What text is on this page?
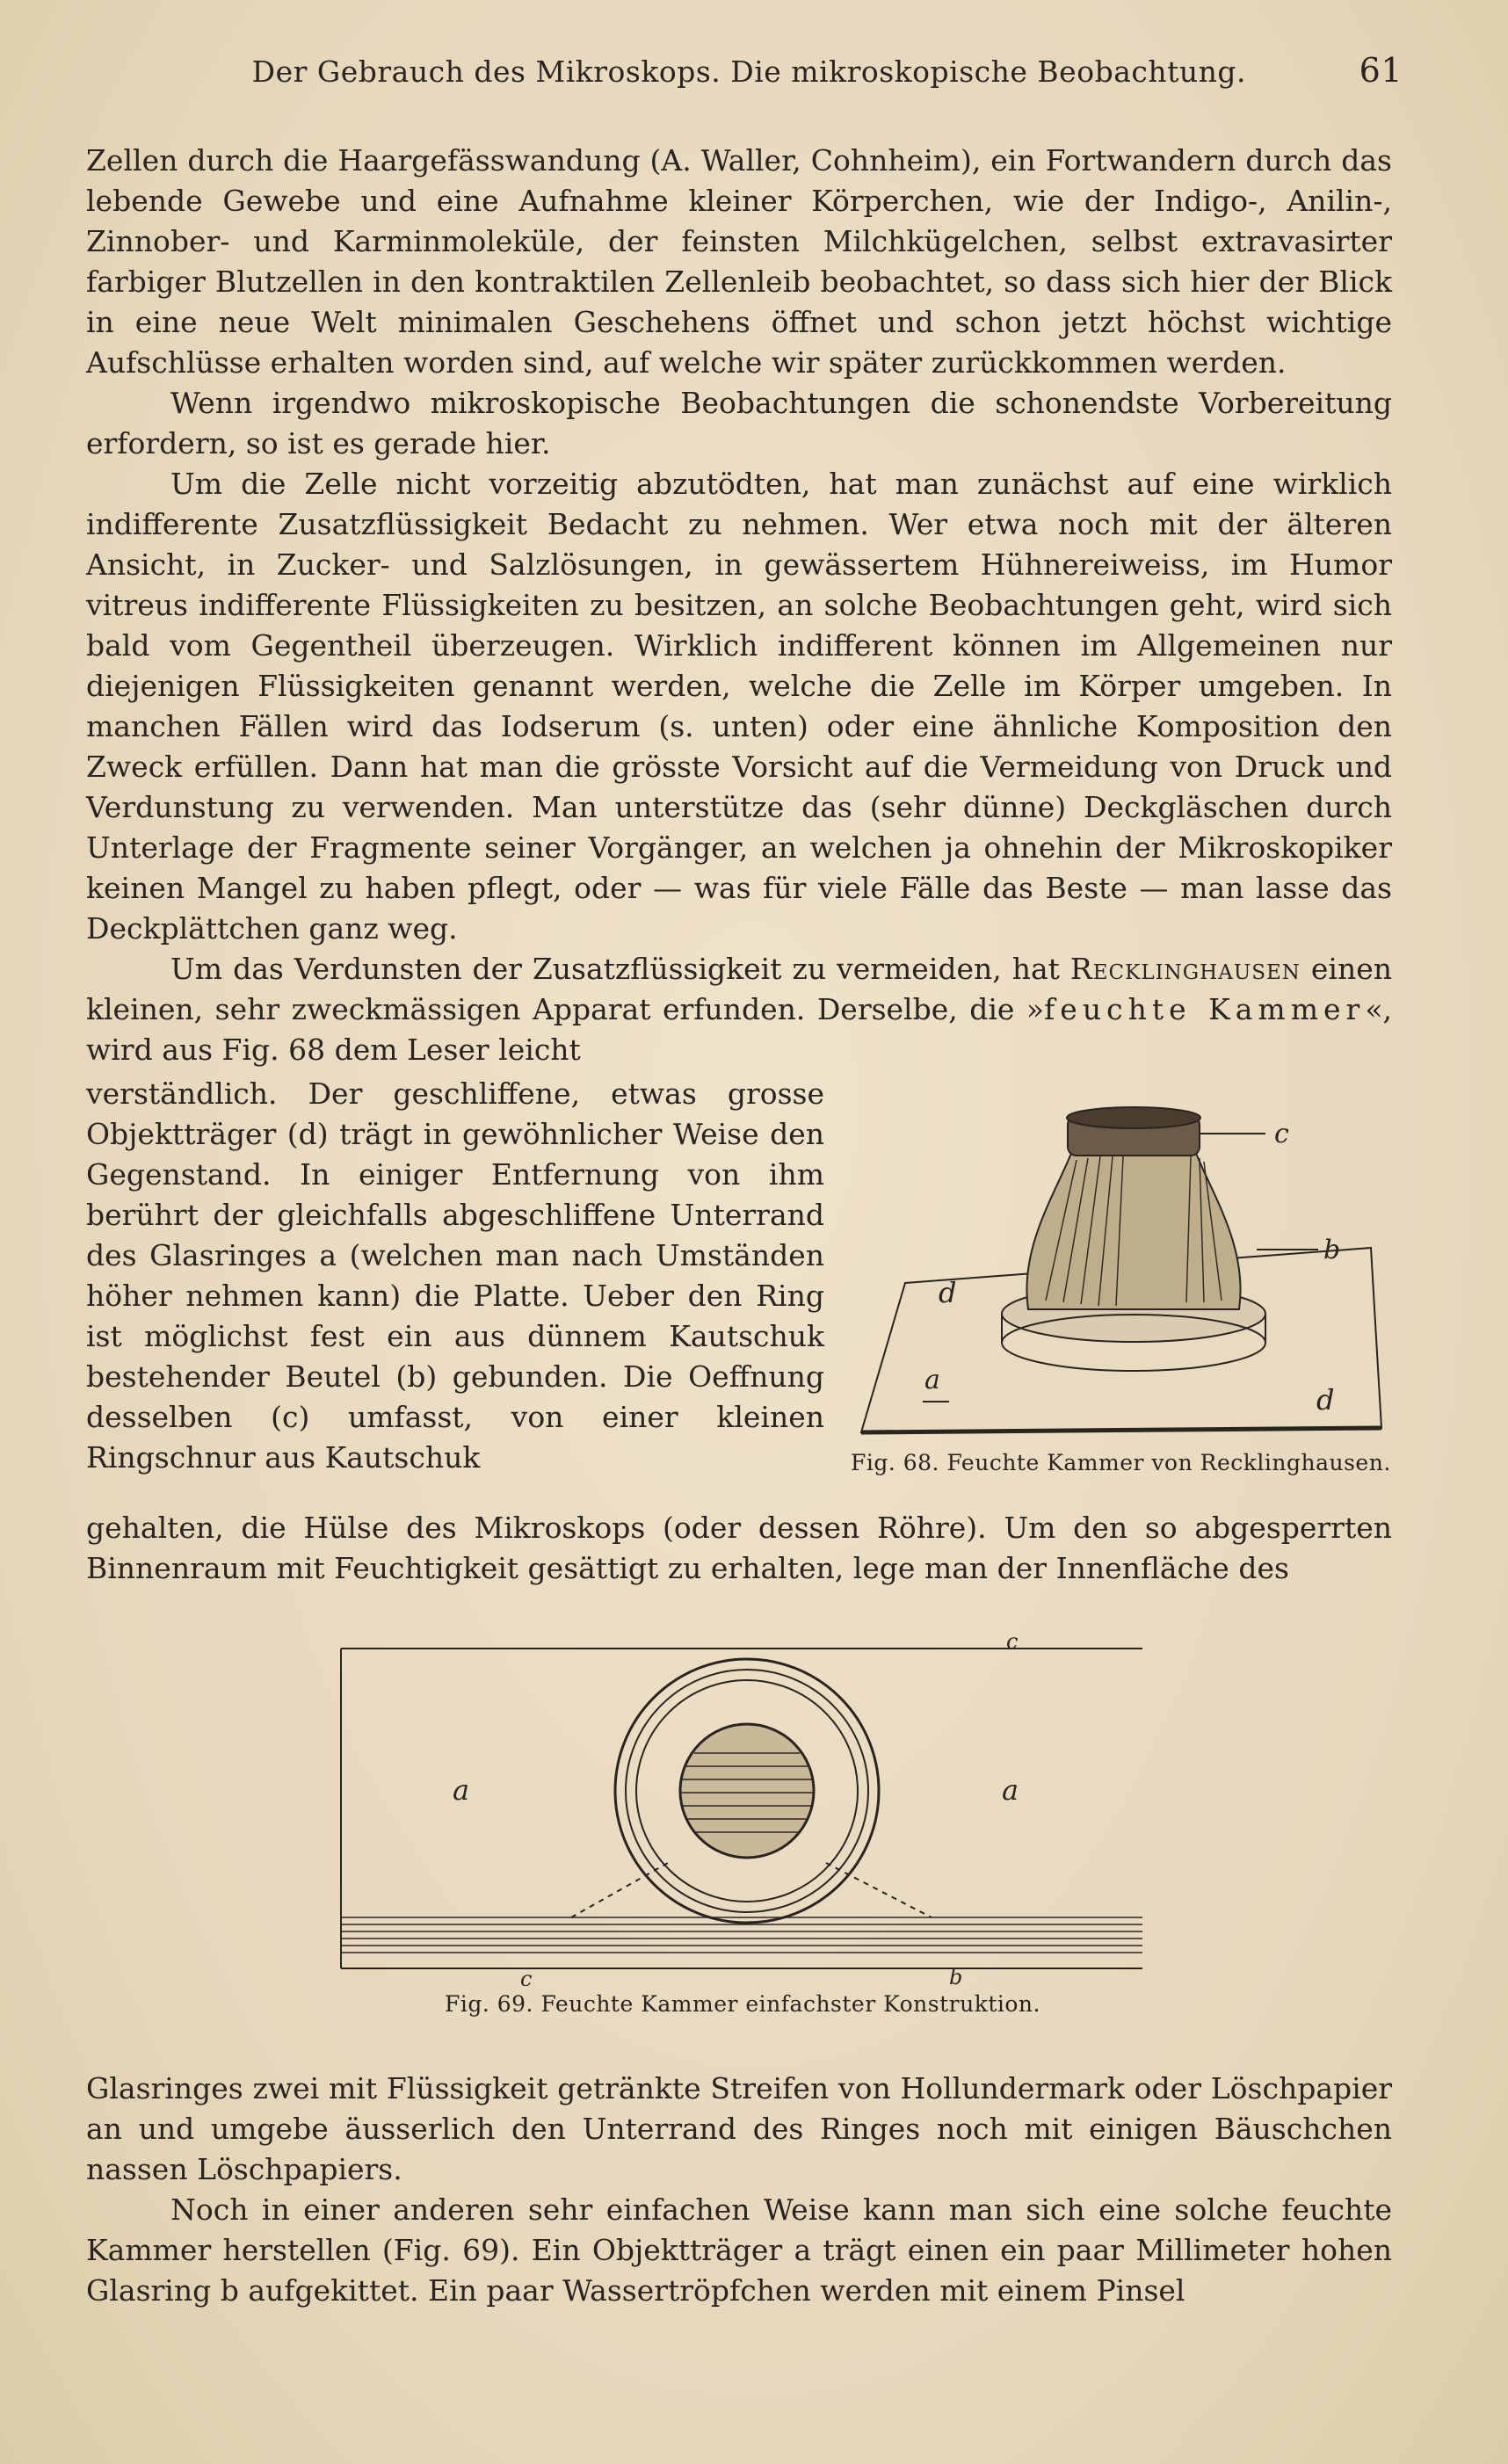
Der Gebrauch des Mikroskops. Die mikroskopische Beobachtung.	61

Zellen durch die Haargefässwandung (A. Waller, Cohnheim), ein Fortwandern durch das lebende Gewebe und eine Aufnahme kleiner Körperchen, wie der Indigo-, Anilin-, Zinnober- und Karminmoleküle, der feinsten Milchkügelchen, selbst extravasirter farbiger Blutzellen in den kontraktilen Zellenleib beobachtet, so dass sich hier der Blick in eine neue Welt minimalen Geschehens öffnet und schon jetzt höchst wichtige Aufschlüsse erhalten worden sind, auf welche wir später zurückkommen werden.

Wenn irgendwo mikroskopische Beobachtungen die schonendste Vorbereitung erfordern, so ist es gerade hier.

Um die Zelle nicht vorzeitig abzutödten, hat man zunächst auf eine wirklich indifferente Zusatzflüssigkeit Bedacht zu nehmen. Wer etwa noch mit der älteren Ansicht, in Zucker- und Salzlösungen, in gewässertem Hühnereiweiss, im Humor vitreus indifferente Flüssigkeiten zu besitzen, an solche Beobachtungen geht, wird sich bald vom Gegentheil überzeugen. Wirklich indifferent können im Allgemeinen nur diejenigen Flüssigkeiten genannt werden, welche die Zelle im Körper umgeben. In manchen Fällen wird das Iodserum (s. unten) oder eine ähnliche Komposition den Zweck erfüllen. Dann hat man die grösste Vorsicht auf die Vermeidung von Druck und Verdunstung zu verwenden. Man unterstütze das (sehr dünne) Deckgläschen durch Unterlage der Fragmente seiner Vorgänger, an welchen ja ohnehin der Mikroskopiker keinen Mangel zu haben pflegt, oder — was für viele Fälle das Beste — man lasse das Deckplättchen ganz weg.

Um das Verdunsten der Zusatzflüssigkeit zu vermeiden, hat Recklinghausen einen kleinen, sehr zweckmässigen Apparat erfunden. Derselbe, die »feuchte Kammer«, wird aus Fig. 68 dem Leser leicht

verständlich. Der geschliffene, etwas grosse Objektträger (d) trägt in gewöhnlicher Weise den Gegenstand. In einiger Entfernung von ihm berührt der gleichfalls abgeschliffene Unterrand des Glasringes a (welchen man nach Umständen höher nehmen kann) die Platte. Ueber den Ring ist möglichst fest ein aus dünnem Kautschuk bestehender Beutel (b) gebunden. Die Oeffnung desselben (c) umfasst, von einer kleinen Ringschnur aus Kautschuk

c
b
d
a
d
Fig. 68. Feuchte Kammer von Recklinghausen.

gehalten, die Hülse des Mikroskops (oder dessen Röhre). Um den so abgesperrten Binnenraum mit Feuchtigkeit gesättigt zu erhalten, lege man der Innenfläche des

a	a
c
c	b
Fig. 69. Feuchte Kammer einfachster Konstruktion.

Glasringes zwei mit Flüssigkeit getränkte Streifen von Hollundermark oder Löschpapier an und umgebe äusserlich den Unterrand des Ringes noch mit einigen Bäuschchen nassen Löschpapiers.

Noch in einer anderen sehr einfachen Weise kann man sich eine solche feuchte Kammer herstellen (Fig. 69). Ein Objektträger a trägt einen ein paar Millimeter hohen Glasring b aufgekittet. Ein paar Wassertröpfchen werden mit einem Pinsel
